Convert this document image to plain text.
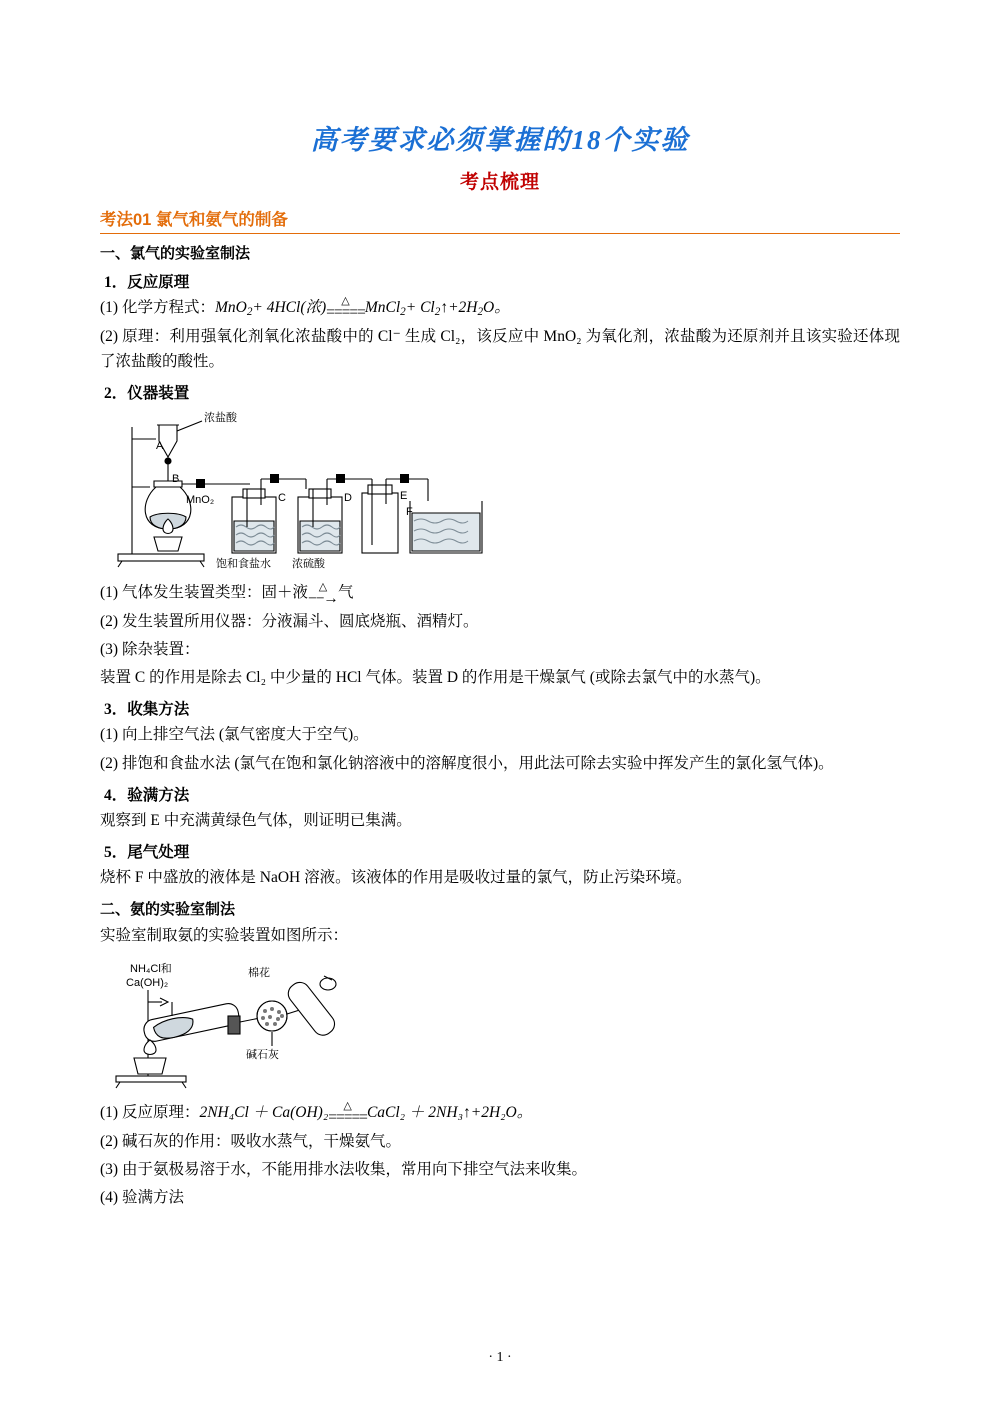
高考要求必须掌握的18个实验
考点梳理
考法01 氯气和氨气的制备
一、氯气的实验室制法
1．反应原理
(1) 化学方程式：MnO$_2$+ 4HCl(浓)	△
===== MnCl$_2$+ $Cl_2↑+2H_2O$。
(2) 原理：利用强氧化剂氧化浓盐酸中的 Cl⁻ 生成 Cl₂，该反应中 MnO₂ 为氧化剂，浓盐酸为还原剂并且该实验还体现了浓盐酸的酸性。
2．仪器装置
浓盐酸
A
B
MnO₂	C	D	E
F
饱和食盐水 浓硫酸
(1) 气体发生装置类型：固＋液 △
−−→ 气
(2) 发生装置所用仪器：分液漏斗、圆底烧瓶、酒精灯。
(3) 除杂装置：
装置 C 的作用是除去 Cl₂ 中少量的 HCl 气体。装置 D 的作用是干燥氯气 (或除去氯气中的水蒸气)。
3．收集方法
(1) 向上排空气法 (氯气密度大于空气)。
(2) 排饱和食盐水法 (氯气在饱和氯化钠溶液中的溶解度很小，用此法可除去实验中挥发产生的氯化氢气体)。
4．验满方法
观察到 E 中充满黄绿色气体，则证明已集满。
5．尾气处理
烧杯 F 中盛放的液体是 NaOH 溶液。该液体的作用是吸收过量的氯气，防止污染环境。
二、氨的实验室制法
实验室制取氨的实验装置如图所示：
NH₄Cl和
Ca(OH)₂
棉花
碱石灰
(1) 反应原理：2NH₄Cl ＋ Ca(OH)₂	△
===== CaCl₂ ＋ 2NH₃↑+2H₂O。
(2) 碱石灰的作用：吸收水蒸气，干燥氨气。
(3) 由于氨极易溶于水，不能用排水法收集，常用向下排空气法来收集。
(4) 验满方法
· 1 ·
